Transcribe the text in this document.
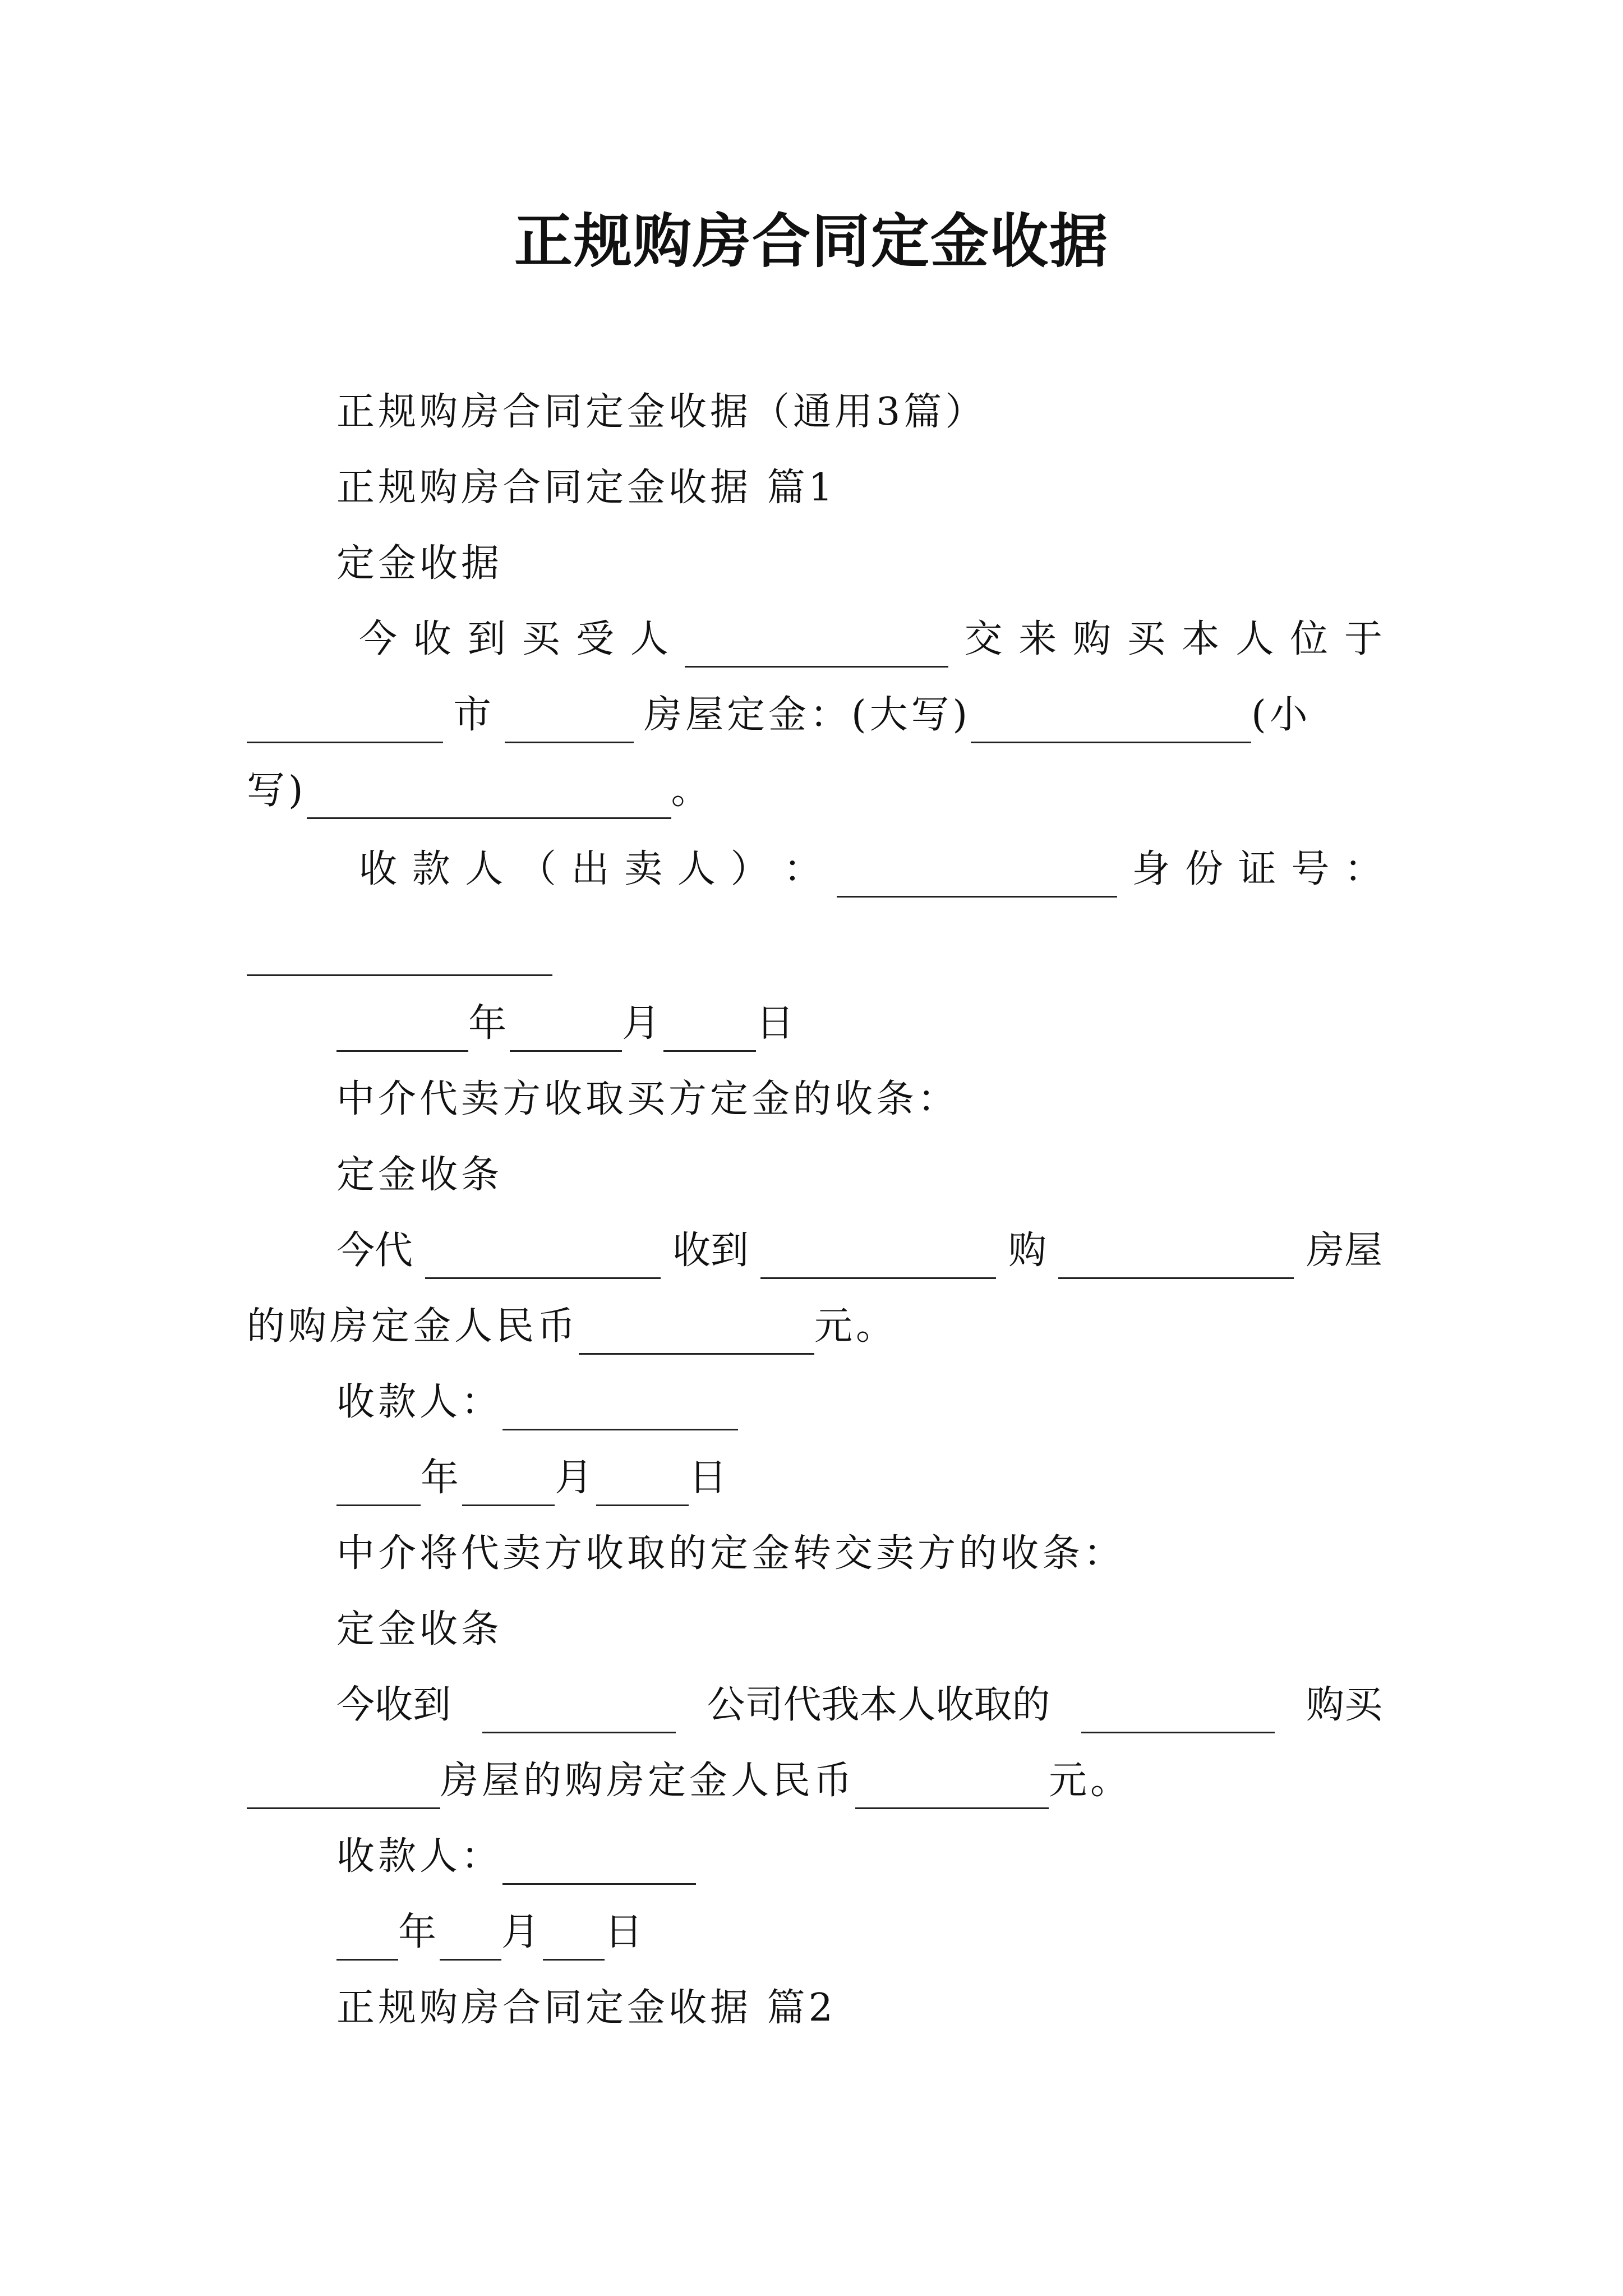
正规购房合同定金收据
正规购房合同定金收据（通用3篇）
正规购房合同定金收据 篇1
定金收据
今 收 到 买 受 人	交 来 购 买 本 人 位 于
市	房屋定金：(大写)	(小
写)	。
收 款 人 （ 出 卖 人 ） ：	身 份 证 号 ：
年	月 日
中介代卖方收取买方定金的收条：
定金收条
今代	收到	购	房屋
的购房定金人民币	元。
收款人：
年 月 日
中介将代卖方收取的定金转交卖方的收条：
定金收条
今收到	公司代我本人收取的	购买
房屋的购房定金人民币	元。
收款人：
年 月 日
正规购房合同定金收据 篇2
